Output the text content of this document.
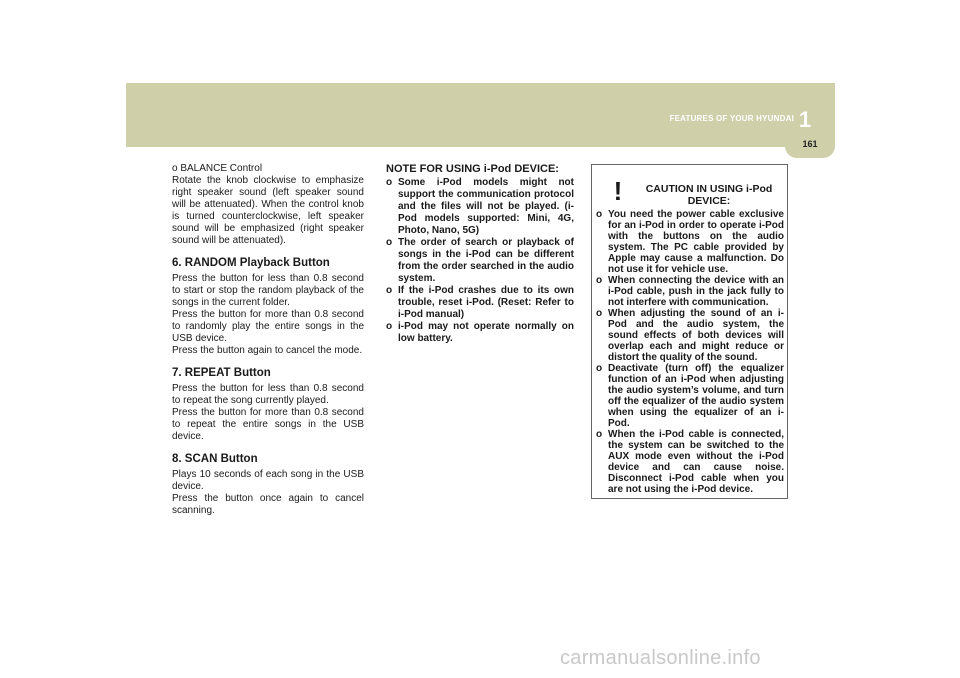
1
FEATURES OF YOUR HYUNDAI
161

o BALANCE Control

Rotate the knob clockwise to emphasize right speaker sound (left speaker sound will be attenuated). When the control knob is turned counterclockwise, left speaker sound will be emphasized (right speaker sound will be attenuated).

6. RANDOM Playback Button

Press the button for less than 0.8 second to start or stop the random playback of the songs in the current folder.

Press the button for more than 0.8 second to randomly play the entire songs in the USB device.

Press the button again to cancel the mode.

7. REPEAT Button

Press the button for less than 0.8 second to repeat the song currently played.

Press the button for more than 0.8 second to repeat the entire songs in the USB device.

8. SCAN Button

Plays 10 seconds of each song in the USB device.

Press the button once again to cancel scanning.

NOTE FOR USING i-Pod DEVICE:
o Some i-Pod models might not support the communication protocol and the files will not be played. (i-Pod models supported: Mini, 4G, Photo, Nano, 5G)
o The order of search or playback of songs in the i-Pod can be different from the order searched in the audio system.
o If the i-Pod crashes due to its own trouble, reset i-Pod. (Reset: Refer to i-Pod manual)
o i-Pod may not operate normally on low battery.
!	CAUTION IN USING i-Pod DEVICE:
o You need the power cable exclusive for an i-Pod in order to operate i-Pod with the buttons on the audio system. The PC cable provided by Apple may cause a malfunction. Do not use it for vehicle use.
o When connecting the device with an i-Pod cable, push in the jack fully to not interfere with communication.
o When adjusting the sound of an i-Pod and the audio system, the sound effects of both devices will overlap each and might reduce or distort the quality of the sound.
o Deactivate (turn off) the equalizer function of an i-Pod when adjusting the audio system’s volume, and turn off the equalizer of the audio system when using the equalizer of an i-Pod.
o When the i-Pod cable is connected, the system can be switched to the AUX mode even without the i-Pod device and can cause noise. Disconnect i-Pod cable when you are not using the i-Pod device.
carmanualsonline.info
